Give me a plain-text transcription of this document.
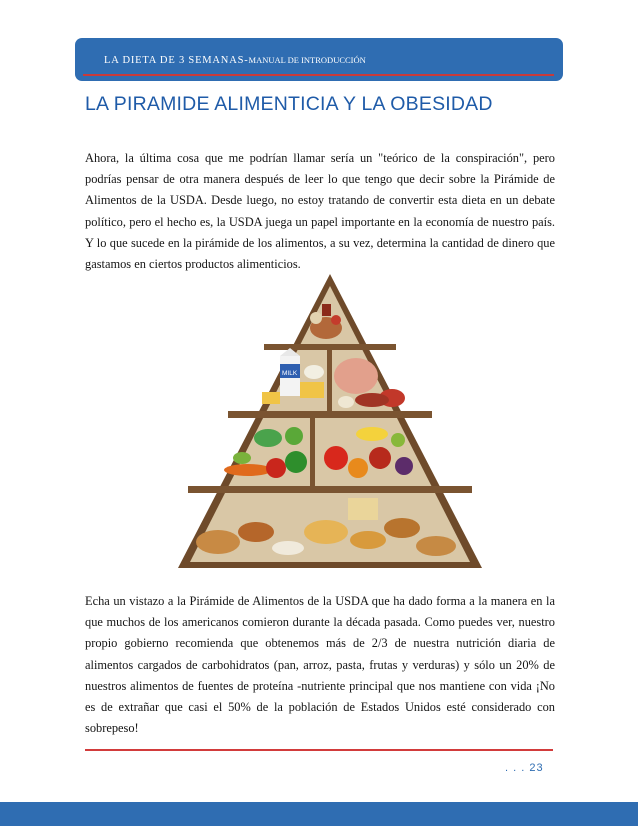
LA DIETA DE 3 SEMANAS-MANUAL DE INTRODUCCIÓN
LA PIRAMIDE ALIMENTICIA Y LA OBESIDAD

Ahora, la última cosa que me podrían llamar sería un "teórico de la conspiración", pero podrías pensar de otra manera después de leer lo que tengo que decir sobre la Pirámide de Alimentos de la USDA. Desde luego, no estoy tratando de convertir esta dieta en un debate político, pero el hecho es, la USDA juega un papel importante en la economía de nuestro país. Y lo que sucede en la pirámide de los alimentos, a su vez, determina la cantidad de dinero que gastamos en ciertos productos alimenticios.

MILK

Echa un vistazo a la Pirámide de Alimentos de la USDA que ha dado forma a la manera en la que muchos de los americanos comieron durante la década pasada. Como puedes ver, nuestro propio gobierno recomienda que obtenemos más de 2/3 de nuestra nutrición diaria de alimentos cargados de carbohidratos (pan, arroz, pasta, frutas y verduras) y sólo un 20% de nuestros alimentos de fuentes de proteína -nutriente principal que nos mantiene con vida ¡No es de extrañar que casi el 50% de la población de Estados Unidos esté considerado con sobrepeso!

. . . 23
